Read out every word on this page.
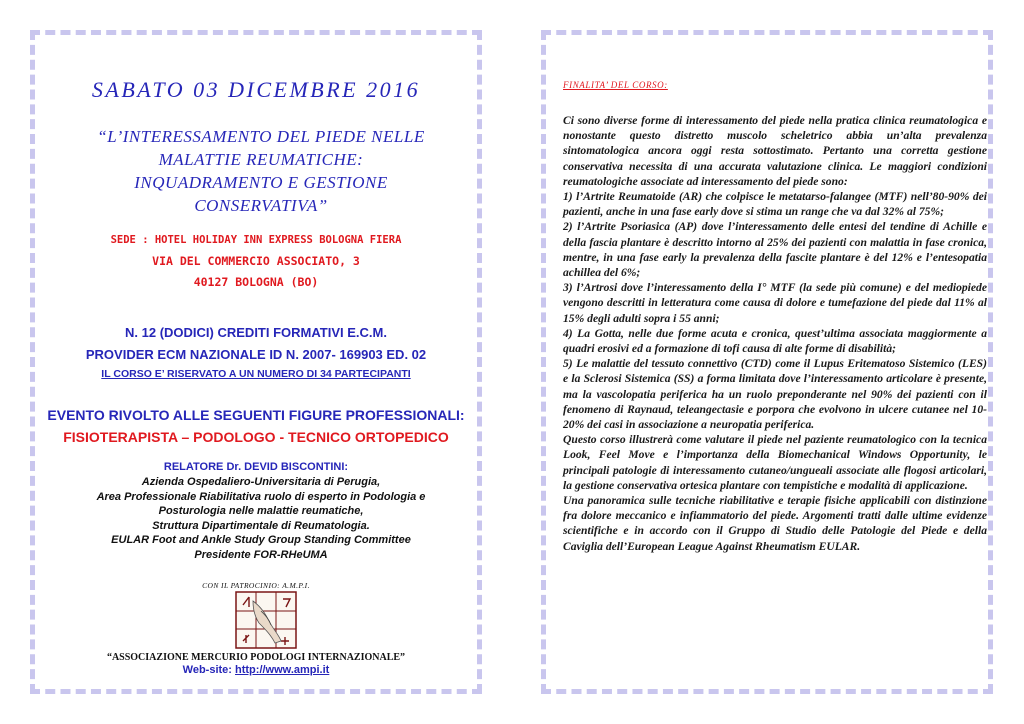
SABATO 03 DICEMBRE 2016
“L’INTERESSAMENTO DEL PIEDE NELLE
MALATTIE REUMATICHE:
INQUADRAMENTO E GESTIONE
CONSERVATIVA”
SEDE : HOTEL HOLIDAY INN EXPRESS BOLOGNA FIERA
VIA DEL COMMERCIO ASSOCIATO, 3
40127 BOLOGNA (BO)
N. 12 (DODICI) CREDITI FORMATIVI E.C.M.
PROVIDER ECM NAZIONALE ID N. 2007- 169903 ED. 02
IL CORSO E’ RISERVATO A UN NUMERO DI 34 PARTECIPANTI
EVENTO RIVOLTO ALLE SEGUENTI FIGURE PROFESSIONALI:
FISIOTERAPISTA – PODOLOGO - TECNICO ORTOPEDICO
RELATORE Dr. DEVID BISCONTINI:
Azienda Ospedaliero-Universitaria di Perugia,
Area Professionale Riabilitativa ruolo di esperto in Podologia e
Posturologia nelle malattie reumatiche,
Struttura Dipartimentale di Reumatologia.
EULAR Foot and Ankle Study Group Standing Committee
Presidente FOR-RHeUMA
CON IL PATROCINIO: A.M.P.I.
“ASSOCIAZIONE MERCURIO PODOLOGI INTERNAZIONALE”
Web-site: http://www.ampi.it
FINALITA’ DEL CORSO:

Ci sono diverse forme di interessamento del piede nella pratica clinica reumatologica e nonostante questo distretto muscolo scheletrico abbia un’alta prevalenza sintomatologica ancora oggi resta sottostimato. Pertanto una corretta gestione conservativa necessita di una accurata valutazione clinica. Le maggiori condizioni reumatologiche associate ad interessamento del piede sono:

1) l’Artrite Reumatoide (AR) che colpisce le metatarso-falangee (MTF) nell’80-90% dei pazienti, anche in una fase early dove si stima un range che va dal 32% al 75%;

2) l’Artrite Psoriasica (AP) dove l’interessamento delle entesi del tendine di Achille e della fascia plantare è descritto intorno al 25% dei pazienti con malattia in fase cronica, mentre, in una fase early la prevalenza della fascite plantare è del 12% e l’entesopatia achillea del 6%;

3) l’Artrosi dove l’interessamento della I° MTF (la sede più comune) e del mediopiede vengono descritti in letteratura come causa di dolore e tumefazione del piede dal 11% al 15% degli adulti sopra i 55 anni;

4) La Gotta, nelle due forme acuta e cronica, quest’ultima associata maggiormente a quadri erosivi ed a formazione di tofi causa di alte forme di disabilità;

5) Le malattie del tessuto connettivo (CTD) come il Lupus Eritematoso Sistemico (LES) e la Sclerosi Sistemica (SS) a forma limitata dove l’interessamento articolare è presente, ma la vascolopatia periferica ha un ruolo preponderante nel 90% dei pazienti con il fenomeno di Raynaud, teleangectasie e porpora che evolvono in ulcere cutanee nel 10-20% dei casi in associazione a neuropatia periferica.

Questo corso illustrerà come valutare il piede nel paziente reumatologico con la tecnica Look, Feel Move e l’importanza della Biomechanical Windows Opportunity, le principali patologie di interessamento cutaneo/ungueali associate alle flogosi articolari, la gestione conservativa ortesica plantare con tempistiche e modalità di applicazione.

Una panoramica sulle tecniche riabilitative e terapie fisiche applicabili con distinzione fra dolore meccanico e infiammatorio del piede. Argomenti tratti dalle ultime evidenze scientifiche e in accordo con il Gruppo di Studio delle Patologie del Piede e della Caviglia dell’European League Against Rheumatism EULAR.
